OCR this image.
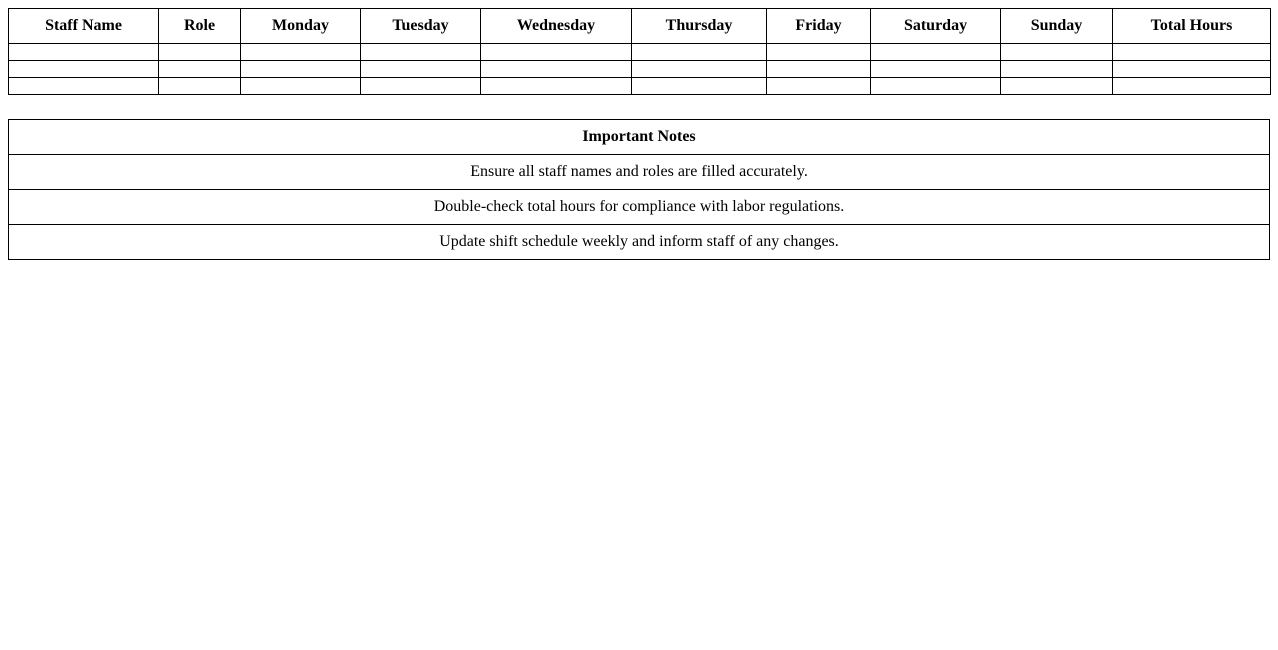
Staff Name	Role	Monday	Tuesday	Wednesday	Thursday	Friday	Saturday	Sunday	Total Hours

Important Notes
Ensure all staff names and roles are filled accurately.
Double-check total hours for compliance with labor regulations.
Update shift schedule weekly and inform staff of any changes.
